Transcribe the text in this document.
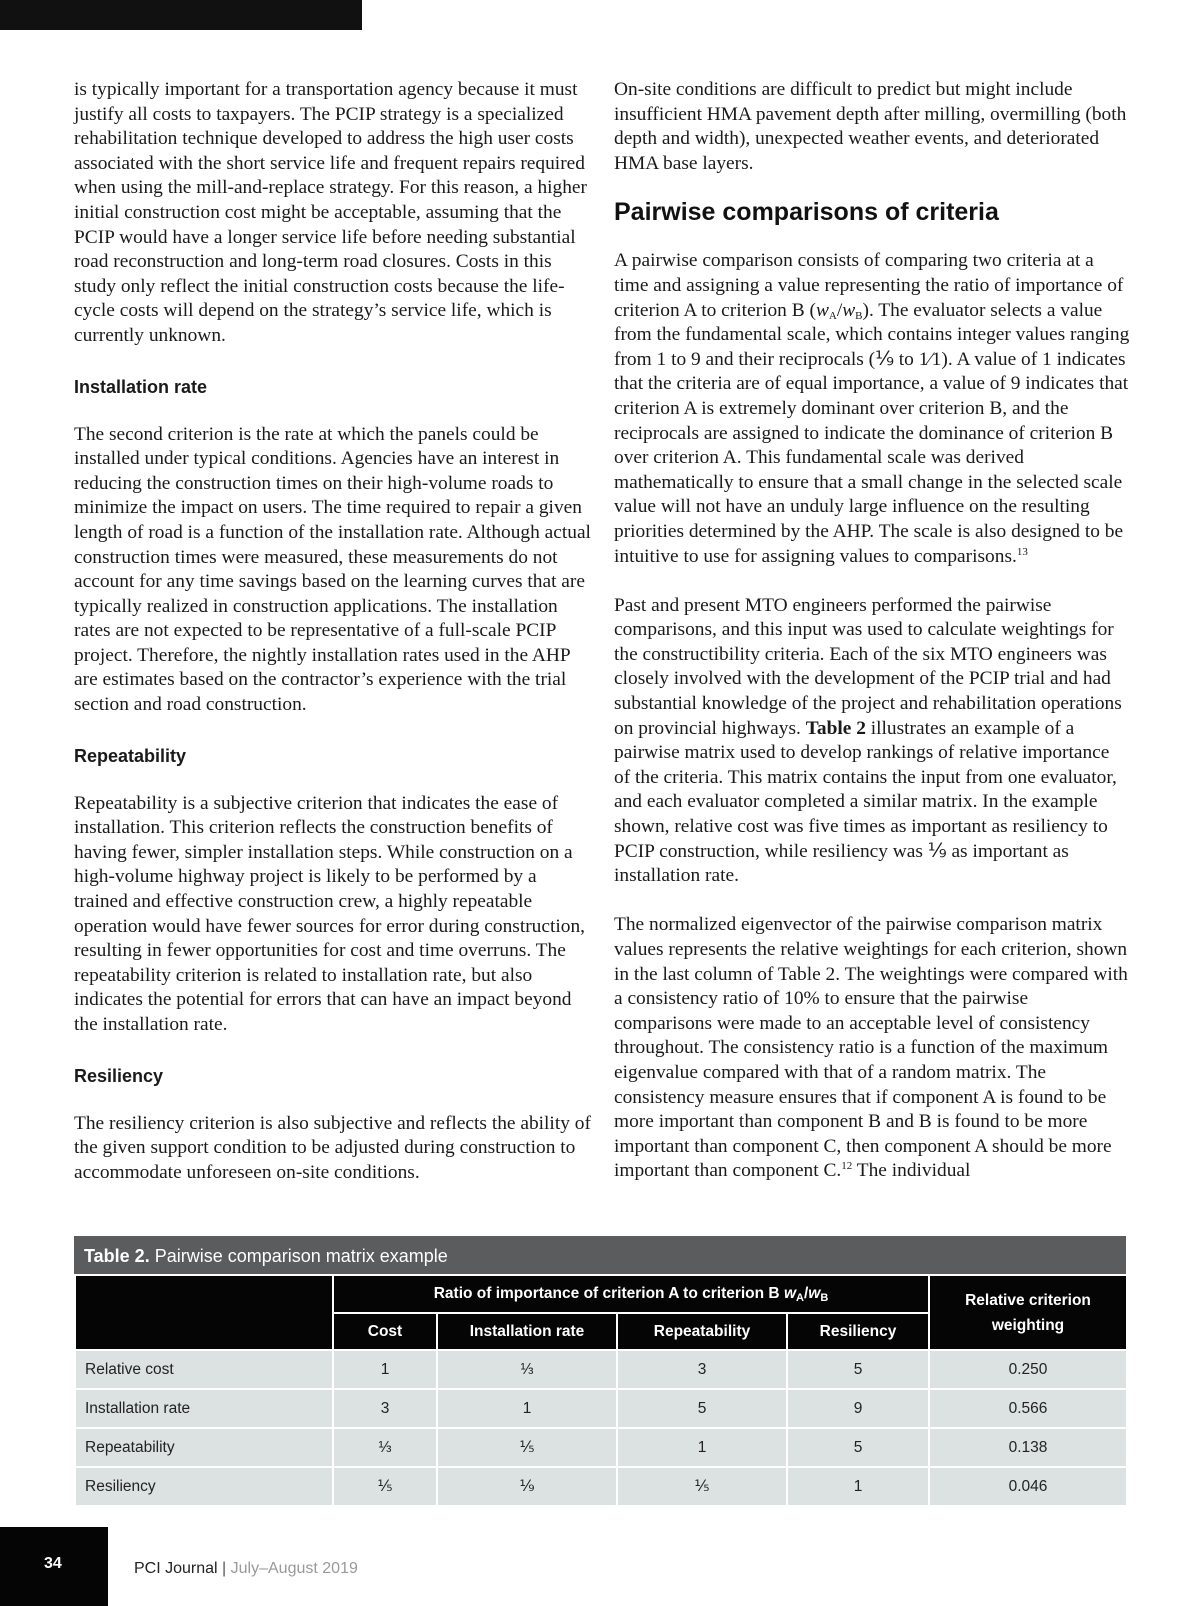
is typically important for a transportation agency because it must justify all costs to taxpayers. The PCIP strategy is a specialized rehabilitation technique developed to address the high user costs associated with the short service life and frequent repairs required when using the mill-and-replace strategy. For this reason, a higher initial construction cost might be acceptable, assuming that the PCIP would have a longer service life before needing substantial road reconstruction and long-term road closures. Costs in this study only reflect the initial construction costs because the life-cycle costs will depend on the strategy’s service life, which is currently unknown.

Installation rate

The second criterion is the rate at which the panels could be installed under typical conditions. Agencies have an interest in reducing the construction times on their high-volume roads to minimize the impact on users. The time required to repair a given length of road is a function of the installation rate. Although actual construction times were measured, these measurements do not account for any time savings based on the learning curves that are typically realized in construction applications. The installation rates are not expected to be representative of a full-scale PCIP project. Therefore, the nightly installation rates used in the AHP are estimates based on the contractor’s experience with the trial section and road construction.

Repeatability

Repeatability is a subjective criterion that indicates the ease of installation. This criterion reflects the construction benefits of having fewer, simpler installation steps. While construction on a high-volume highway project is likely to be performed by a trained and effective construction crew, a highly repeatable operation would have fewer sources for error during construction, resulting in fewer opportunities for cost and time overruns. The repeatability criterion is related to installation rate, but also indicates the potential for errors that can have an impact beyond the installation rate.

Resiliency

The resiliency criterion is also subjective and reflects the ability of the given support condition to be adjusted during construction to accommodate unforeseen on-site conditions.

On-site conditions are difficult to predict but might include insufficient HMA pavement depth after milling, overmilling (both depth and width), unexpected weather events, and deteriorated HMA base layers.

Pairwise comparisons of criteria

A pairwise comparison consists of comparing two criteria at a time and assigning a value representing the ratio of importance of criterion A to criterion B $(w_A/w_B)$. The evaluator selects a value from the fundamental scale, which contains integer values ranging from 1 to 9 and their reciprocals (⅑ to 1⁄1). A value of 1 indicates that the criteria are of equal importance, a value of 9 indicates that criterion A is extremely dominant over criterion B, and the reciprocals are assigned to indicate the dominance of criterion B over criterion A. This fundamental scale was derived mathematically to ensure that a small change in the selected scale value will not have an unduly large influence on the resulting priorities determined by the AHP. The scale is also designed to be intuitive to use for assigning values to comparisons.$^{13}$

Past and present MTO engineers performed the pairwise comparisons, and this input was used to calculate weightings for the constructibility criteria. Each of the six MTO engineers was closely involved with the development of the PCIP trial and had substantial knowledge of the project and rehabilitation operations on provincial highways. Table 2 illustrates an example of a pairwise matrix used to develop rankings of relative importance of the criteria. This matrix contains the input from one evaluator, and each evaluator completed a similar matrix. In the example shown, relative cost was five times as important as resiliency to PCIP construction, while resiliency was ⅑ as important as installation rate.

The normalized eigenvector of the pairwise comparison matrix values represents the relative weightings for each criterion, shown in the last column of Table 2. The weightings were compared with a consistency ratio of 10% to ensure that the pairwise comparisons were made to an acceptable level of consistency throughout. The consistency ratio is a function of the maximum eigenvalue compared with that of a random matrix. The consistency measure ensures that if component A is found to be more important than component B and B is found to be more important than component C, then component A should be more important than component C.$^{12}$ The individual

Table 2. Pairwise comparison matrix example
	Ratio of importance of criterion A to criterion B $w_A/w_B$				Relative criterion weighting
	Cost	Installation rate	Repeatability	Resiliency	
Relative cost	1	⅓	3	5	0.250
Installation rate	3	1	5	9	0.566
Repeatability	⅓	⅕	1	5	0.138
Resiliency	⅕	⅑	⅕	1	0.046
34	PCI Journal | July–August 2019
